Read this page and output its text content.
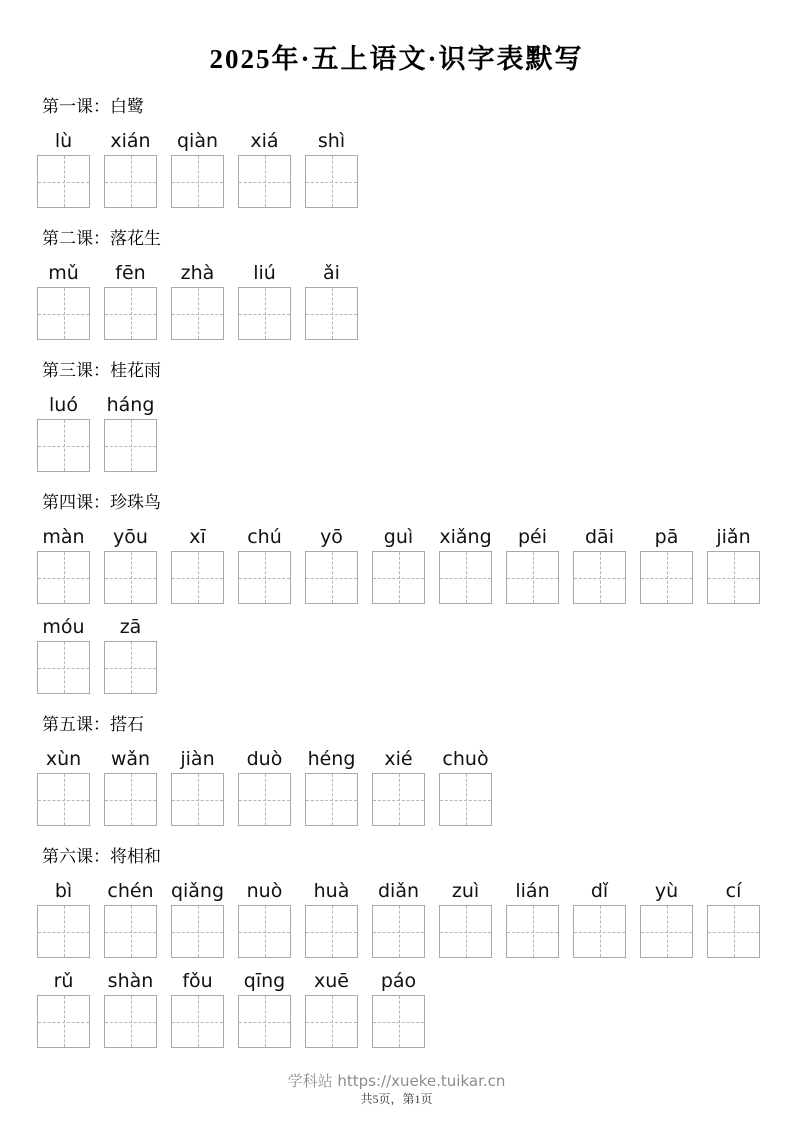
2025年·五上语文·识字表默写
第一课：白鹭
lù xián qiàn xiá shì
第二课：落花生
mǔ fēn zhà liú ǎi
第三课：桂花雨
luó háng
第四课：珍珠鸟
màn yōu xī chú yō guì xiǎng péi dāi pā jiǎn
móu zā
第五课：搭石
xùn wǎn jiàn duò héng xié chuò
第六课：将相和
bì chén qiǎng nuò huà diǎn zuì lián dǐ yù cí
rǔ shàn fǒu qīng xuē páo
学科站 https://xueke.tuikar.cn
共5页，第1页
